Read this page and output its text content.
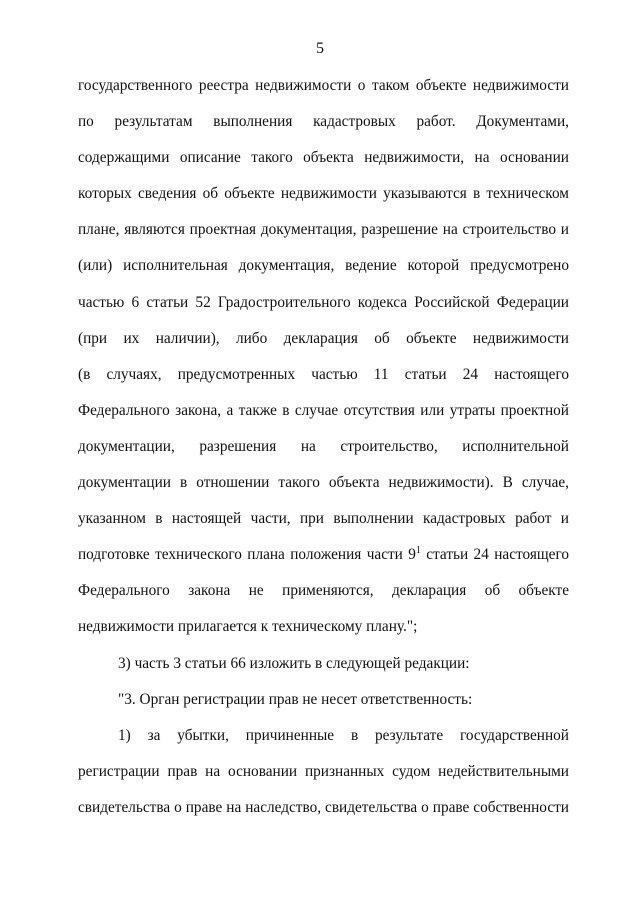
5
государственного реестра недвижимости о таком объекте недвижимости
по результатам выполнения кадастровых работ. Документами,
содержащими описание такого объекта недвижимости, на основании
которых сведения об объекте недвижимости указываются в техническом
плане, являются проектная документация, разрешение на строительство и
(или) исполнительная документация, ведение которой предусмотрено
частью 6 статьи 52 Градостроительного кодекса Российской Федерации
(при их наличии), либо декларация об объекте недвижимости
(в случаях, предусмотренных частью 11 статьи 24 настоящего
Федерального закона, а также в случае отсутствия или утраты проектной
документации, разрешения на строительство, исполнительной
документации в отношении такого объекта недвижимости). В случае,
указанном в настоящей части, при выполнении кадастровых работ и
подготовке технического плана положения части $9^1$ статьи 24 настоящего
Федерального закона не применяются, декларация об объекте
недвижимости прилагается к техническому плану.";
3) часть 3 статьи 66 изложить в следующей редакции:
"3. Орган регистрации прав не несет ответственность:
1) за убытки, причиненные в результате государственной
регистрации прав на основании признанных судом недействительными
свидетельства о праве на наследство, свидетельства о праве собственности
